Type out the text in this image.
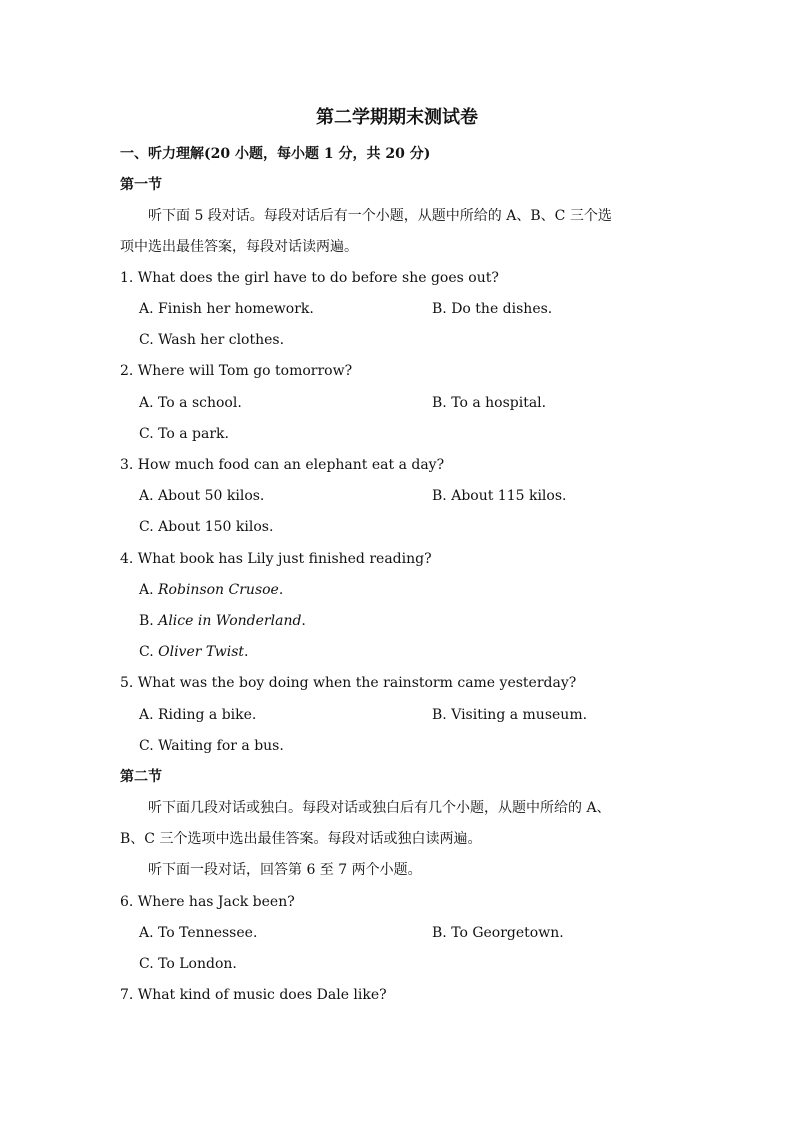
第二学期期末测试卷
一、听力理解(20 小题，每小题 1 分，共 20 分)
第一节
听下面 5 段对话。每段对话后有一个小题，从题中所给的 A、B、C 三个选
项中选出最佳答案，每段对话读两遍。
1. What does the girl have to do before she goes out?
A. Finish her homework.	B. Do the dishes.
C. Wash her clothes.
2. Where will Tom go tomorrow?
A. To a school.	B. To a hospital.
C. To a park.
3. How much food can an elephant eat a day?
A. About 50 kilos.	B. About 115 kilos.
C. About 150 kilos.
4. What book has Lily just finished reading?
A. Robinson Crusoe.
B. Alice in Wonderland.
C. Oliver Twist.
5. What was the boy doing when the rainstorm came yesterday?
A. Riding a bike.	B. Visiting a museum.
C. Waiting for a bus.
第二节
听下面几段对话或独白。每段对话或独白后有几个小题，从题中所给的 A、
B、C 三个选项中选出最佳答案。每段对话或独白读两遍。
听下面一段对话，回答第 6 至 7 两个小题。
6. Where has Jack been?
A. To Tennessee.	B. To Georgetown.
C. To London.
7. What kind of music does Dale like?
